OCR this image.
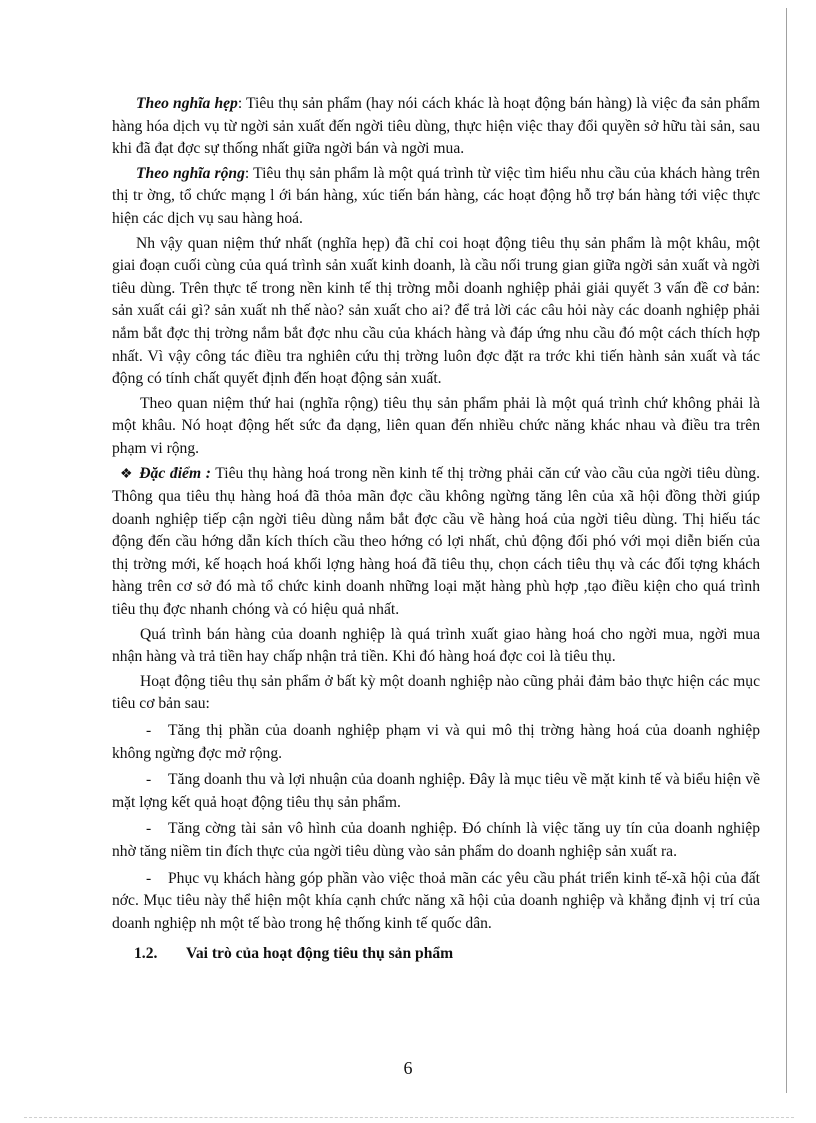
Theo nghĩa hẹp: Tiêu thụ sản phẩm (hay nói cách khác là hoạt động bán hàng) là việc đa sản phẩm hàng hóa dịch vụ từ ngời sản xuất đến ngời tiêu dùng, thực hiện việc thay đổi quyền sở hữu tài sản, sau khi đã đạt đợc sự thống nhất giữa ngời bán và ngời mua.

Theo nghĩa rộng: Tiêu thụ sản phẩm là một quá trình từ việc tìm hiểu nhu cầu của khách hàng trên thị tr ờng, tổ chức mạng l ới bán hàng, xúc tiến bán hàng, các hoạt động hỗ trợ bán hàng tới việc thực hiện các dịch vụ sau hàng hoá.

Nh vậy quan niệm thứ nhất (nghĩa hẹp) đã chỉ coi hoạt động tiêu thụ sản phẩm là một khâu, một giai đoạn cuối cùng của quá trình sản xuất kinh doanh, là cầu nối trung gian giữa ngời sản xuất và ngời tiêu dùng. Trên thực tế trong nền kinh tế thị trờng mỗi doanh nghiệp phải giải quyết 3 vấn đề cơ bản: sản xuất cái gì? sản xuất nh thế nào? sản xuất cho ai? để trả lời các câu hỏi này các doanh nghiệp phải nắm bắt đợc thị trờng nắm bắt đợc nhu cầu của khách hàng và đáp ứng nhu cầu đó một cách thích hợp nhất. Vì vậy công tác điều tra nghiên cứu thị trờng luôn đợc đặt ra trớc khi tiến hành sản xuất và tác động có tính chất quyết định đến hoạt động sản xuất.

Theo quan niệm thứ hai (nghĩa rộng) tiêu thụ sản phẩm phải là một quá trình chứ không phải là một khâu. Nó hoạt động hết sức đa dạng, liên quan đến nhiều chức năng khác nhau và điều tra trên phạm vi rộng.

❖ Đặc điểm : Tiêu thụ hàng hoá trong nền kinh tế thị trờng phải căn cứ vào cầu của ngời tiêu dùng. Thông qua tiêu thụ hàng hoá đã thỏa mãn đợc cầu không ngừng tăng lên của xã hội đồng thời giúp doanh nghiệp tiếp cận ngời tiêu dùng nắm bắt đợc cầu về hàng hoá của ngời tiêu dùng. Thị hiếu tác động đến cầu hớng dẫn kích thích cầu theo hớng có lợi nhất, chủ động đối phó với mọi diễn biến của thị trờng mới, kế hoạch hoá khối lợng hàng hoá đã tiêu thụ, chọn cách tiêu thụ và các đối tợng khách hàng trên cơ sở đó mà tổ chức kinh doanh những loại mặt hàng phù hợp ,tạo điều kiện cho quá trình tiêu thụ đợc nhanh chóng và có hiệu quả nhất.

Quá trình bán hàng của doanh nghiệp là quá trình xuất giao hàng hoá cho ngời mua, ngời mua nhận hàng và trả tiền hay chấp nhận trả tiền. Khi đó hàng hoá đợc coi là tiêu thụ.

Hoạt động tiêu thụ sản phẩm ở bất kỳ một doanh nghiệp nào cũng phải đảm bảo thực hiện các mục tiêu cơ bản sau:

- Tăng thị phần của doanh nghiệp phạm vi và qui mô thị trờng hàng hoá của doanh nghiệp không ngừng đợc mở rộng.

- Tăng doanh thu và lợi nhuận của doanh nghiệp. Đây là mục tiêu về mặt kinh tế và biểu hiện về mặt lợng kết quả hoạt động tiêu thụ sản phẩm.

- Tăng cờng tài sản vô hình của doanh nghiệp. Đó chính là việc tăng uy tín của doanh nghiệp nhờ tăng niềm tin đích thực của ngời tiêu dùng vào sản phẩm do doanh nghiệp sản xuất ra.

- Phục vụ khách hàng góp phần vào việc thoả mãn các yêu cầu phát triển kinh tế-xã hội của đất nớc. Mục tiêu này thể hiện một khía cạnh chức năng xã hội của doanh nghiệp và khẳng định vị trí của doanh nghiệp nh một tế bào trong hệ thống kinh tế quốc dân.

1.2. Vai trò của hoạt động tiêu thụ sản phẩm

6
